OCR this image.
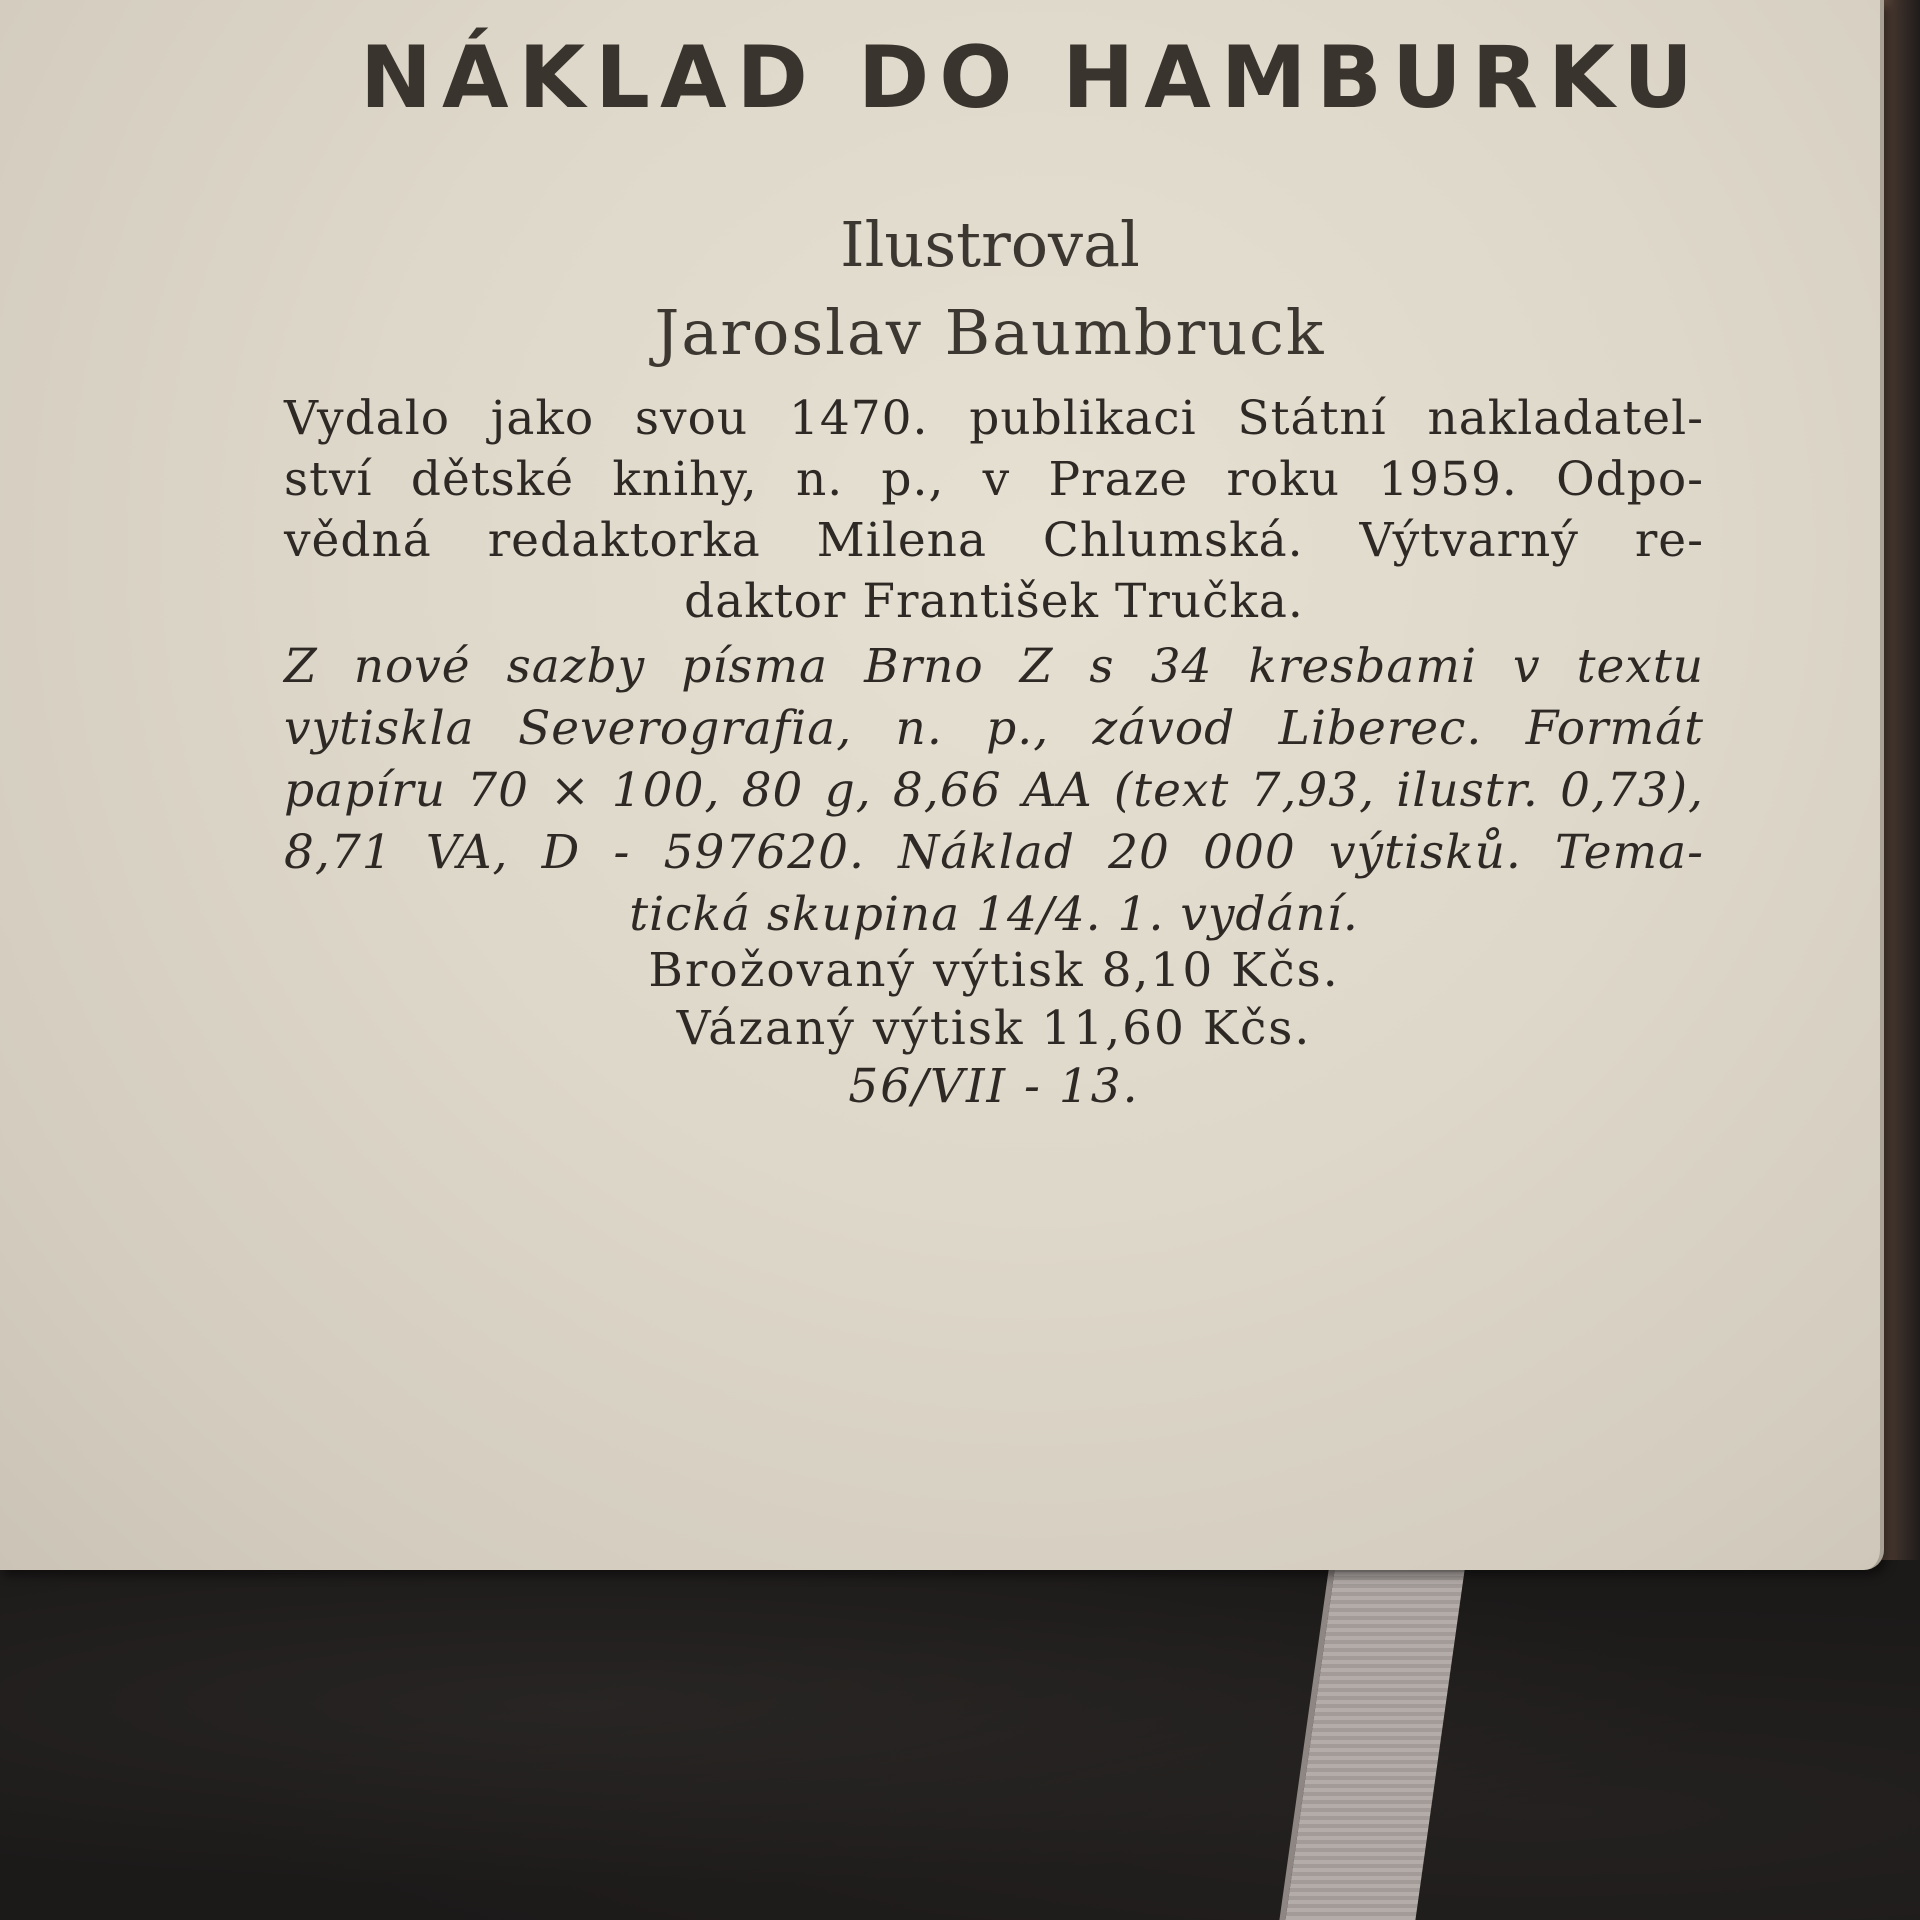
NÁKLAD DO HAMBURKU
Ilustroval
Jaroslav Baumbruck
Vydalo jako svou 1470. publikaci Státní nakladatel-
ství dětské knihy, n. p., v Praze roku 1959. Odpo-
vědná redaktorka Milena Chlumská. Výtvarný re-
daktor František Tručka.
Z nové sazby písma Brno Z s 34 kresbami v textu
vytiskla Severografia, n. p., závod Liberec. Formát
papíru 70 × 100, 80 g, 8,66 AA (text 7,93, ilustr. 0,73),
8,71 VA, D - 597620. Náklad 20 000 výtisků. Tema-
tická skupina 14/4. 1. vydání.
Brožovaný výtisk 8,10 Kčs.
Vázaný výtisk 11,60 Kčs.
56/VII - 13.
